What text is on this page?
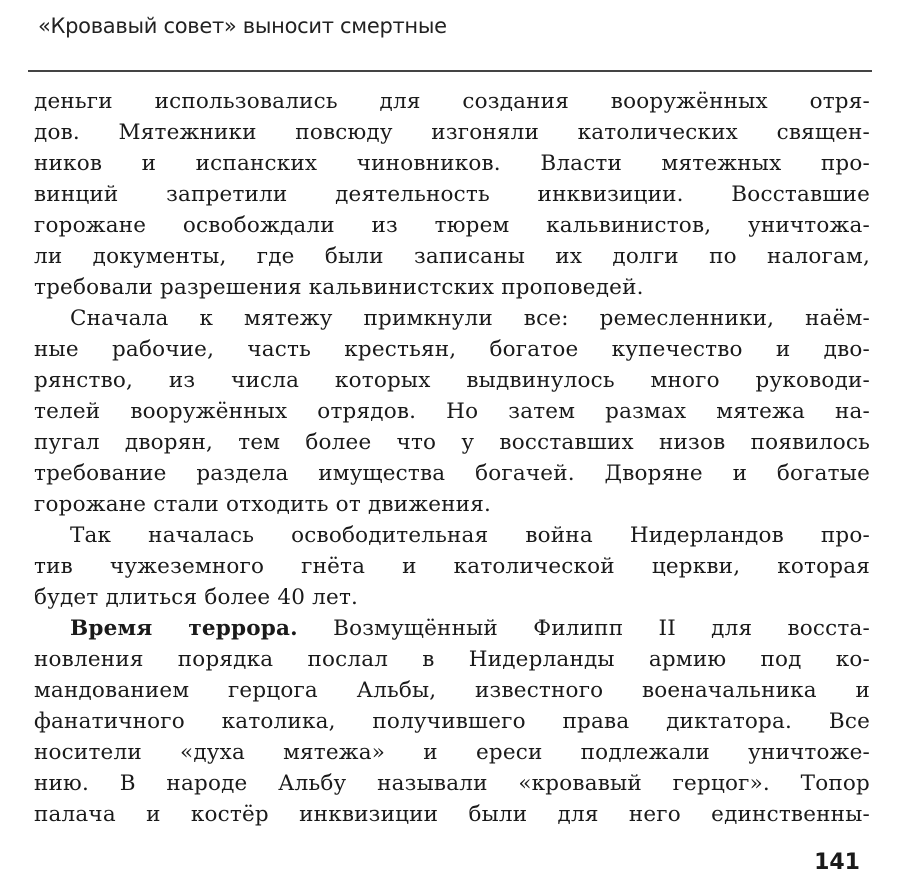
«Кровавый совет» выносит смертные
деньги использовались для создания вооружённых отря-
дов. Мятежники повсюду изгоняли католических священ-
ников и испанских чиновников. Власти мятежных про-
винций запретили деятельность инквизиции. Восставшие
горожане освобождали из тюрем кальвинистов, уничтожа-
ли документы, где были записаны их долги по налогам,
требовали разрешения кальвинистских проповедей.
Сначала к мятежу примкнули все: ремесленники, наём-
ные рабочие, часть крестьян, богатое купечество и дво-
рянство, из числа которых выдвинулось много руководи-
телей вооружённых отрядов. Но затем размах мятежа на-
пугал дворян, тем более что у восставших низов появилось
требование раздела имущества богачей. Дворяне и богатые
горожане стали отходить от движения.
Так началась освободительная война Нидерландов про-
тив чужеземного гнёта и католической церкви, которая
будет длиться более 40 лет.
Время террора. Возмущённый Филипп II для восста-
новления порядка послал в Нидерланды армию под ко-
мандованием герцога Альбы, известного военачальника и
фанатичного католика, получившего права диктатора. Все
носители «духа мятежа» и ереси подлежали уничтоже-
нию. В народе Альбу называли «кровавый герцог». Топор
палача и костёр инквизиции были для него единственны-
141
